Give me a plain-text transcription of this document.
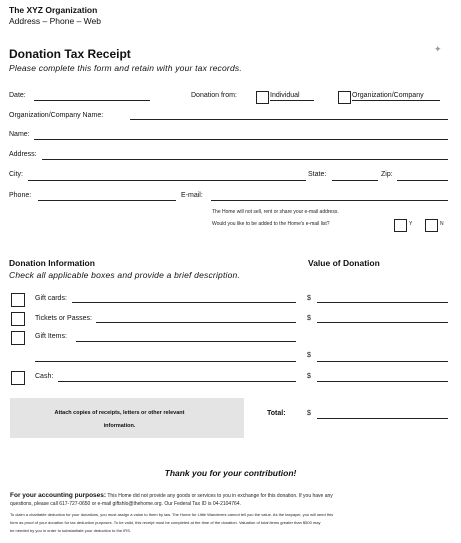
The XYZ Organization
Address – Phone – Web
✦
Donation Tax Receipt
Please complete this form and retain with your tax records.
Date:	Donation from:	Individual	Organization/Company
Organization/Company Name:
Name:
Address:
City:	State:	Zip:
Phone:	E-mail:
The Home will not sell, rent or share your e-mail address.
Would you like to be added to the Home's e-mail list?	Y	N
Donation Information
Check all applicable boxes and provide a brief description.
Value of Donation
Gift cards:	$
Tickets or Passes:	$
Gift Items:
$
Cash:	$
Attach copies of receipts, letters or other relevant information.
Total:	$
Thank you for your contribution!
For your accounting purposes: This Home did not provide any goods or services to you in exchange for this donation. If you have any
questions, please call 617-727-0650 or e-mail giftshlo@thehome.org. Our Federal Tax ID is 04-2104764.
To claim a charitable deduction for your donations, you must assign a value to them by law. The Home for Little Wanderers cannot tell you the value. As the taxpayer, you will need this
form as proof of your donation for tax deduction purposes. To be valid, this receipt must be completed at the time of the donation. Valuation of total items greater than $500 may
be needed by you in order to substantiate your deduction to the IRS.
